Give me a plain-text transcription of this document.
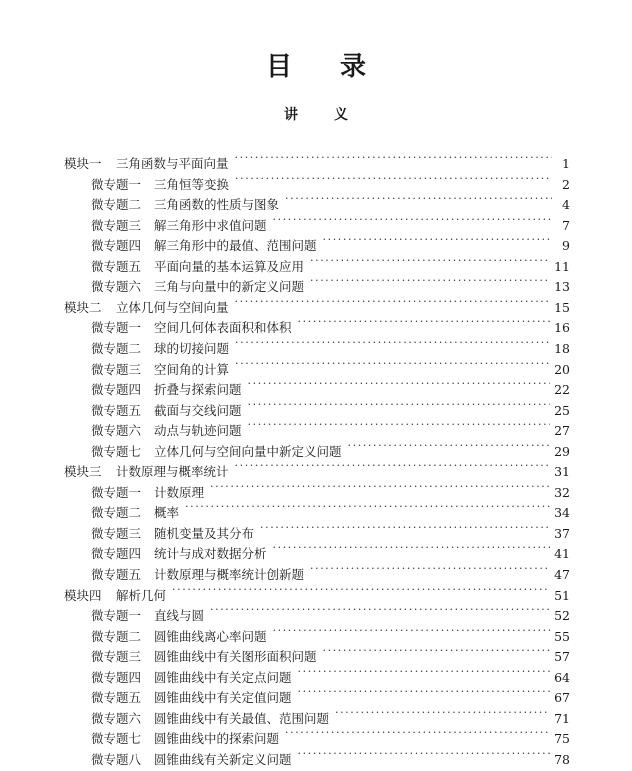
目录
讲义
模块一	三角函数与平面向量 ·····	1
微专题一	三角恒等变换 ·····	2
微专题二	三角函数的性质与图象 ·····	4
微专题三	解三角形中求值问题 ·····	7
微专题四	解三角形中的最值、范围问题 ·····	9
微专题五	平面向量的基本运算及应用 ·····	11
微专题六	三角与向量中的新定义问题 ·····	13
模块二	立体几何与空间向量 ·····	15
微专题一	空间几何体表面积和体积 ·····	16
微专题二	球的切接问题 ·····	18
微专题三	空间角的计算 ·····	20
微专题四	折叠与探索问题 ·····	22
微专题五	截面与交线问题 ·····	25
微专题六	动点与轨迹问题 ·····	27
微专题七	立体几何与空间向量中新定义问题 ·····	29
模块三	计数原理与概率统计 ·····	31
微专题一	计数原理 ·····	32
微专题二	概率 ·····	34
微专题三	随机变量及其分布 ·····	37
微专题四	统计与成对数据分析 ·····	41
微专题五	计数原理与概率统计创新题 ·····	47
模块四	解析几何 ·····	51
微专题一	直线与圆 ·····	52
微专题二	圆锥曲线离心率问题 ·····	55
微专题三	圆锥曲线中有关图形面积问题 ·····	57
微专题四	圆锥曲线中有关定点问题 ·····	64
微专题五	圆锥曲线中有关定值问题 ·····	67
微专题六	圆锥曲线中有关最值、范围问题 ·····	71
微专题七	圆锥曲线中的探索问题 ·····	75
微专题八	圆锥曲线有关新定义问题 ·····	78
